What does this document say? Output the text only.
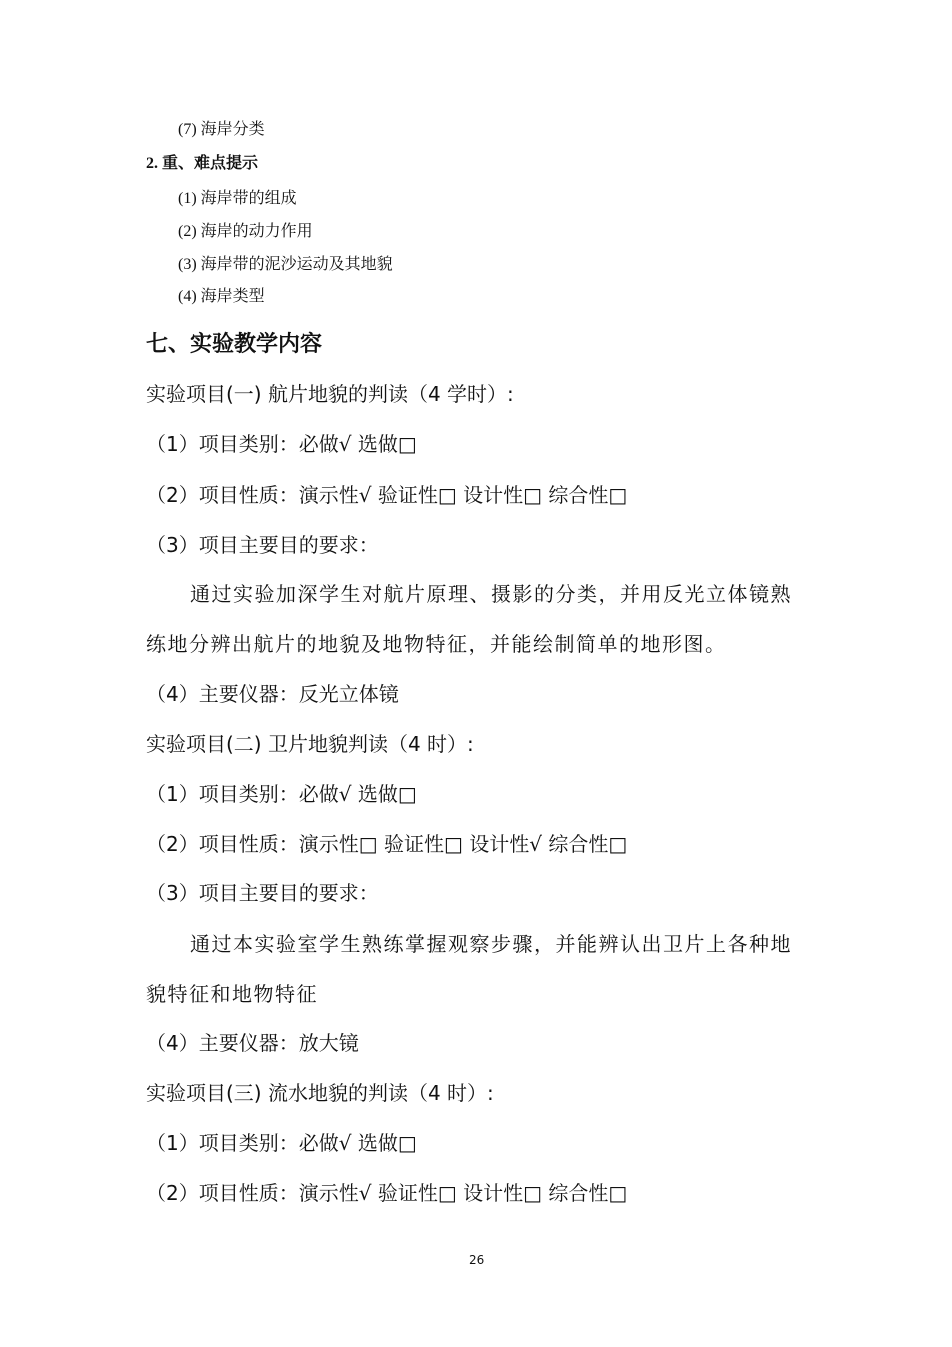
(7) 海岸分类
2. 重、难点提示
(1) 海岸带的组成
(2) 海岸的动力作用
(3) 海岸带的泥沙运动及其地貌
(4) 海岸类型
七、实验教学内容
实验项目(一) 航片地貌的判读（4 学时）:
（1）项目类别：必做√ 选做□
（2）项目性质：演示性√ 验证性□ 设计性□ 综合性□
（3）项目主要目的要求：
通过实验加深学生对航片原理、摄影的分类，并用反光立体镜熟
练地分辨出航片的地貌及地物特征，并能绘制简单的地形图。
（4）主要仪器：反光立体镜
实验项目(二) 卫片地貌判读（4 时）:
（1）项目类别：必做√ 选做□
（2）项目性质：演示性□ 验证性□ 设计性√ 综合性□
（3）项目主要目的要求：
通过本实验室学生熟练掌握观察步骤，并能辨认出卫片上各种地
貌特征和地物特征
（4）主要仪器：放大镜
实验项目(三) 流水地貌的判读（4 时）:
（1）项目类别：必做√ 选做□
（2）项目性质：演示性√ 验证性□ 设计性□ 综合性□
26
